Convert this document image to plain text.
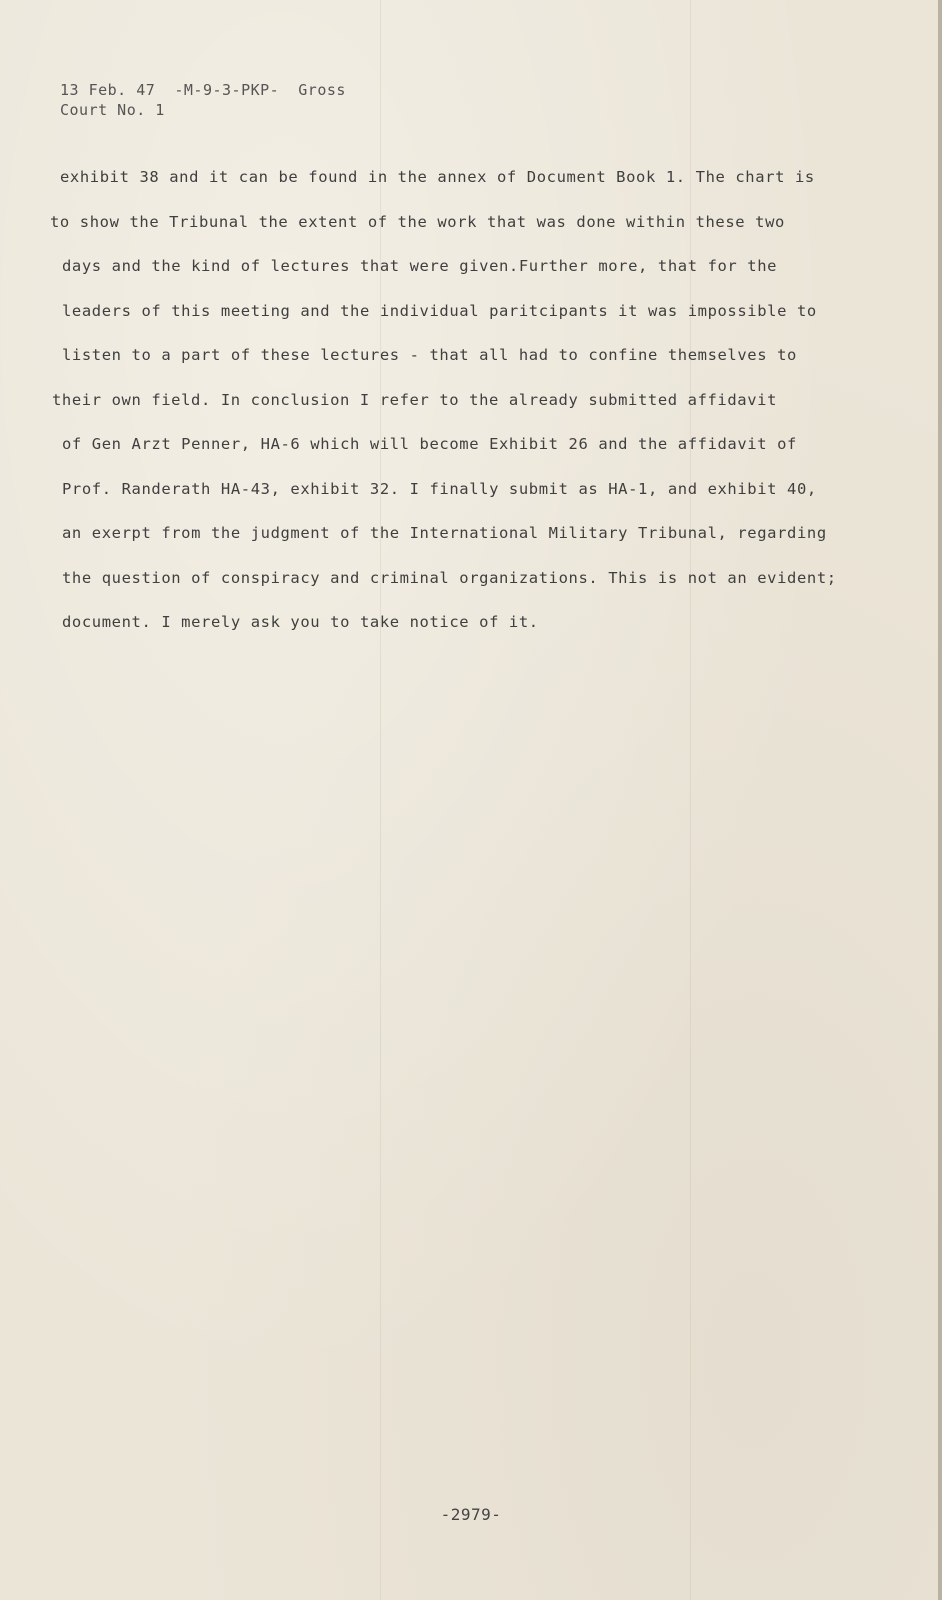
13 Feb. 47  -M-9-3-PKP-  Gross
Court No. 1
exhibit 38 and it can be found in the annex of Document Book 1. The chart is
to show the Tribunal the extent of the work that was done within these two
days and the kind of lectures that were given.Further more, that for the
leaders of this meeting and the individual paritcipants it was impossible to
listen to a part of these lectures - that all had to confine themselves to
their own field. In conclusion I refer to the already submitted affidavit
of Gen Arzt Penner, HA-6 which will become Exhibit 26 and the affidavit of
Prof. Randerath HA-43, exhibit 32. I finally submit as HA-1, and exhibit 40,
an exerpt from the judgment of the International Military Tribunal, regarding
the question of conspiracy and criminal organizations. This is not an evident;
document. I merely ask you to take notice of it.
-2979-
